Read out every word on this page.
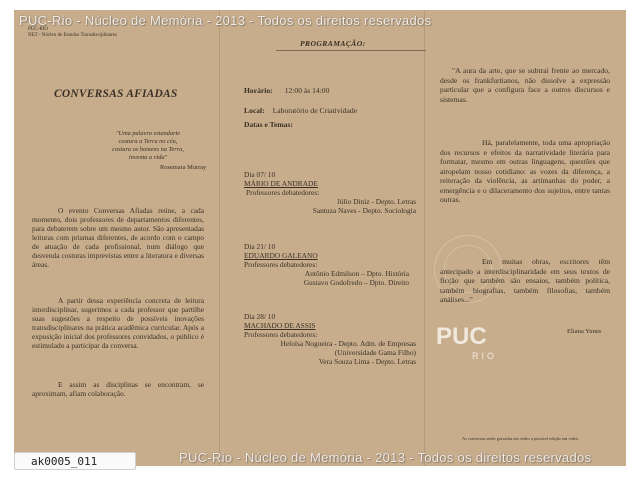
PUC-RIO
NET - Núcleo de Estudos Transdisciplinares
CONVERSAS AFIADAS
"Uma palavra estandarte
costura a Terra no céu,
costura os homens na Terra,
inventa a vida"
Rosemara Murray
O evento Conversas Afiadas reúne, a cada momento, dois professores de departamentos diferentes, para debaterem sobre um mesmo autor. São apresentadas leituras com prismas diferentes, de acordo com o campo de atuação de cada profissional, num diálogo que desvenda costuras imprevistas entre a literatura e diversas áreas.
A partir dessa experiência concreta de leitura interdisciplinar, sugerimos a cada professor que partilhe suas sugestões a respeito de possíveis inovações transdisciplinares na prática acadêmica curricular. Após a exposição inicial dos professores convidados, o público é estimulado a participar da conversa.
E assim as disciplinas se encontram, se aproximam, afiam colaboração.
PROGRAMAÇÃO:
Horário: 12:00 às 14:00
Local: Laboratório de Criatividade
Datas e Temas:
Dia 07/ 10
MÁRIO DE ANDRADE
Professores debatedores:
Júlio Diniz - Depto. Letras
Santuza Naves - Depto. Sociologia
Dia 21/ 10
EDUARDO GALEANO
Professores debatedores:
Antônio Edmilson – Dpto. História
Gustavo Godofredo – Dpto. Direito
Dia 28/ 10
MACHADO DE ASSIS
Professores debatedores:
Heloísa Nogueira - Depto. Adm. de Empresas
(Universidade Gama Filho)
Vera Souza Lima - Depto. Letras
"A aura da arte, que se subtrai frente ao mercado, desde os frankfurtianos, não dissolve a expressão particular que a configura face a outros discursos e sistemas.
Há, paralelamente, toda uma apropriação dos recursos e efeitos da narratividade literária para formatar, mesmo em outras linguagens, questões que atropelam nosso cotidiano: as vozes da diferença, a reiteração da violência, as artimanhas do poder, a emergência e o dilaceramento dos sujeitos, entre tantas outras.
Em muitas obras, escritores têm antecipado a interdisciplinaridade em seus textos de ficção que também são ensaios, também política, também biografias, também filosofias, também análises..."
Eliana Yunes
PUC
RIO
As conversas serão gravadas em vídeo a possível edição em vídeo.
PUC-Rio - Núcleo de Memória - 2013 - Todos os direitos reservados
PUC-Rio - Núcleo de Memória - 2013 - Todos os direitos reservados
ak0005_011
